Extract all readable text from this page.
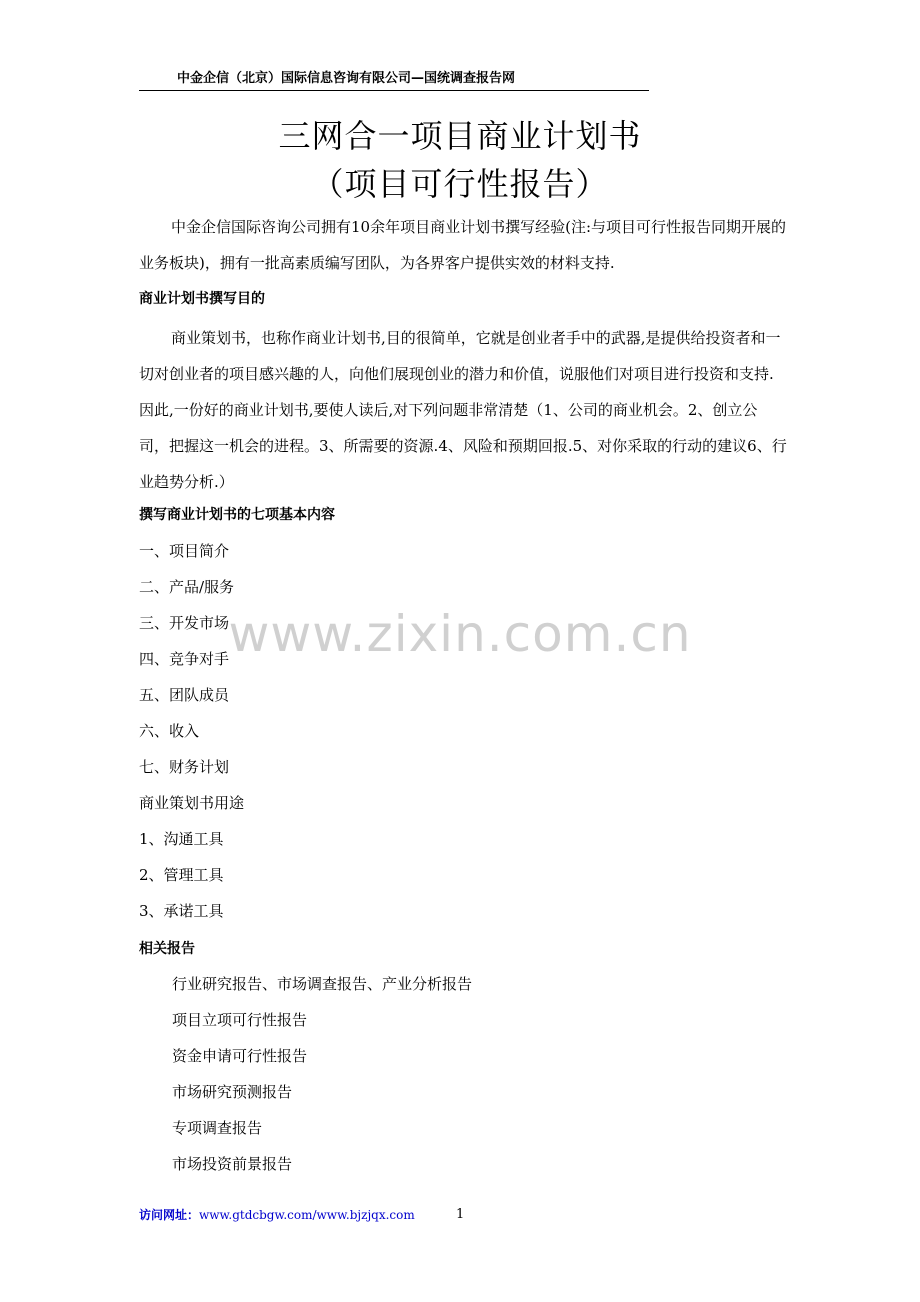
中金企信（北京）国际信息咨询有限公司—国统调查报告网
三网合一项目商业计划书
（项目可行性报告）
中金企信国际咨询公司拥有10余年项目商业计划书撰写经验(注:与项目可行性报告同期开展的业务板块)，拥有一批高素质编写团队，为各界客户提供实效的材料支持.
商业计划书撰写目的
商业策划书，也称作商业计划书,目的很简单，它就是创业者手中的武器,是提供给投资者和一切对创业者的项目感兴趣的人，向他们展现创业的潜力和价值，说服他们对项目进行投资和支持.因此,一份好的商业计划书,要使人读后,对下列问题非常清楚（1、公司的商业机会。2、创立公司，把握这一机会的进程。3、所需要的资源.4、风险和预期回报.5、对你采取的行动的建议6、行业趋势分析.）
撰写商业计划书的七项基本内容
一、项目简介
二、产品/服务
三、开发市场
四、竞争对手
五、团队成员
六、收入
七、财务计划
商业策划书用途
1、沟通工具
2、管理工具
3、承诺工具
相关报告
行业研究报告、市场调查报告、产业分析报告
项目立项可行性报告
资金申请可行性报告
市场研究预测报告
专项调查报告
市场投资前景报告
www.zixin.com.cn
访问网址：www.gtdcbgw.com/www.bjzjqx.com	1
